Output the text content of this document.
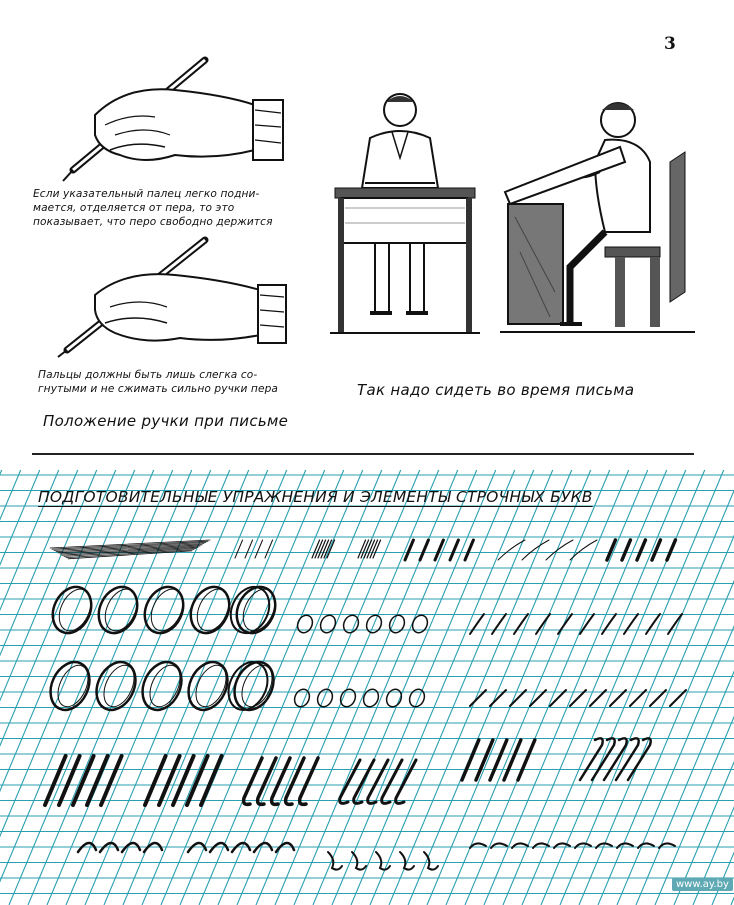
3
Если указательный палец легко подни-
мается, отделяется от пера, то это
показывает, что перо свободно держится
Пальцы должны быть лишь слегка со-
гнутыми и не сжимать сильно ручки пера
Положение ручки при письме
Так надо сидеть во время письма
ПОДГОТОВИТЕЛЬНЫЕ УПРАЖНЕНИЯ И ЭЛЕМЕНТЫ СТРОЧНЫХ БУКВ
www.ay.by
